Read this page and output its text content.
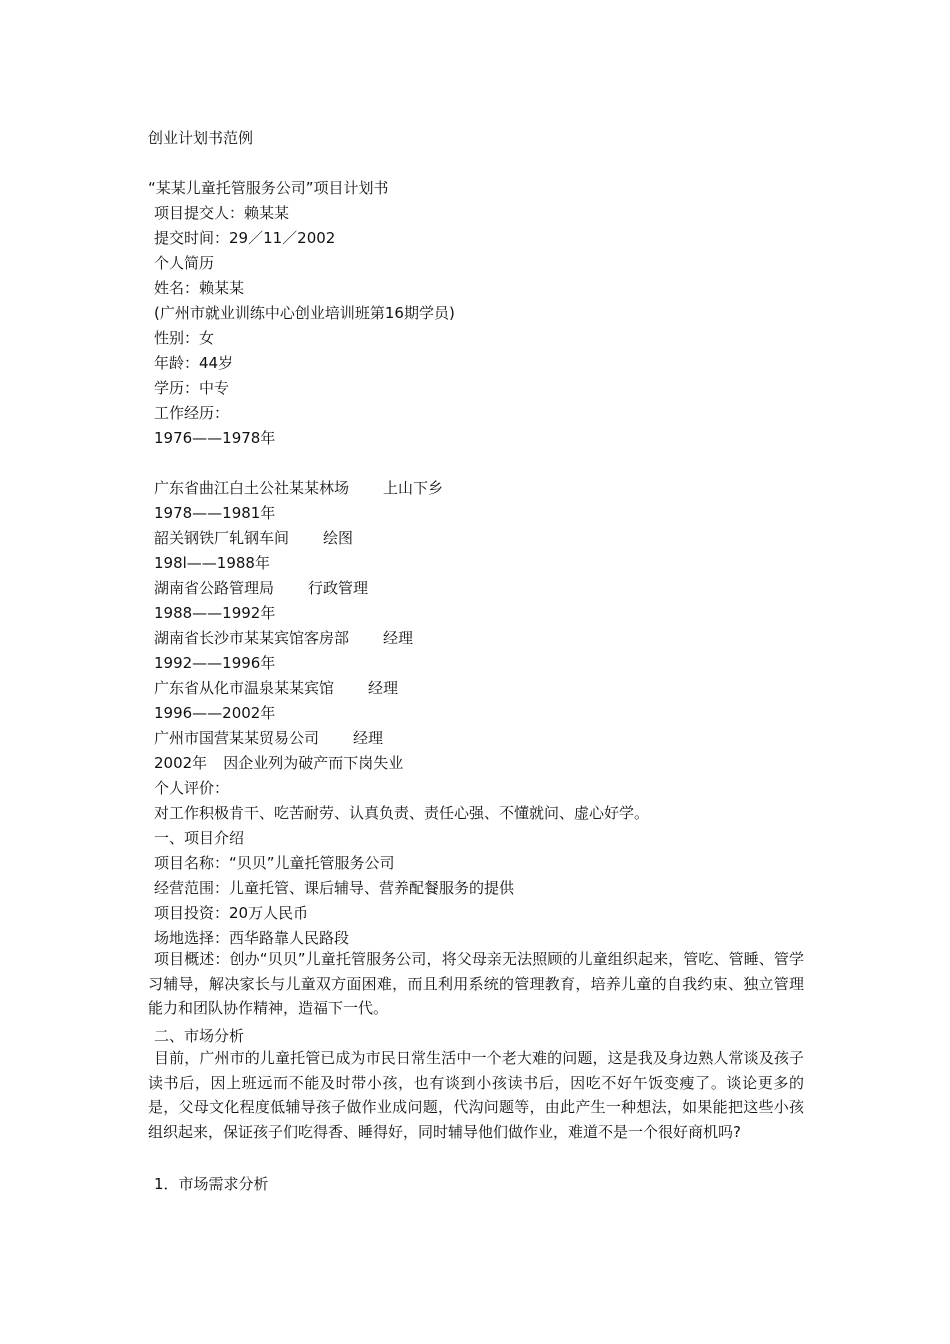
创业计划书范例
“某某儿童托管服务公司”项目计划书
项目提交人：赖某某
提交时间：29／11／2002
个人简历
姓名：赖某某
(广州市就业训练中心创业培训班第16期学员)
性别：女
年龄：44岁
学历：中专
工作经历：
1976——1978年
广东省曲江白土公社某某林场 上山下乡
1978——1981年
韶关钢铁厂轧钢车间 绘图
198l——1988年
湖南省公路管理局 行政管理
1988——1992年
湖南省长沙市某某宾馆客房部 经理
1992——1996年
广东省从化市温泉某某宾馆 经理
1996——2002年
广州市国营某某贸易公司 经理
2002年 因企业列为破产而下岗失业
个人评价：
对工作积极肯干、吃苦耐劳、认真负责、责任心强、不懂就问、虚心好学。
一、项目介绍
项目名称：“贝贝”儿童托管服务公司
经营范围：儿童托管、课后辅导、营养配餐服务的提供
项目投资：20万人民币
场地选择：西华路靠人民路段
项目概述：创办“贝贝”儿童托管服务公司，将父母亲无法照顾的儿童组织起来，管吃、管睡、管学习辅导，解决家长与儿童双方面困难，而且利用系统的管理教育，培养儿童的自我约束、独立管理能力和团队协作精神，造福下一代。
二、市场分析
目前，广州市的儿童托管已成为市民日常生活中一个老大难的问题，这是我及身边熟人常谈及孩子读书后，因上班远而不能及时带小孩，也有谈到小孩读书后，因吃不好午饭变瘦了。谈论更多的是，父母文化程度低辅导孩子做作业成问题，代沟问题等，由此产生一种想法，如果能把这些小孩组织起来，保证孩子们吃得香、睡得好，同时辅导他们做作业，难道不是一个很好商机吗?
1．市场需求分析
